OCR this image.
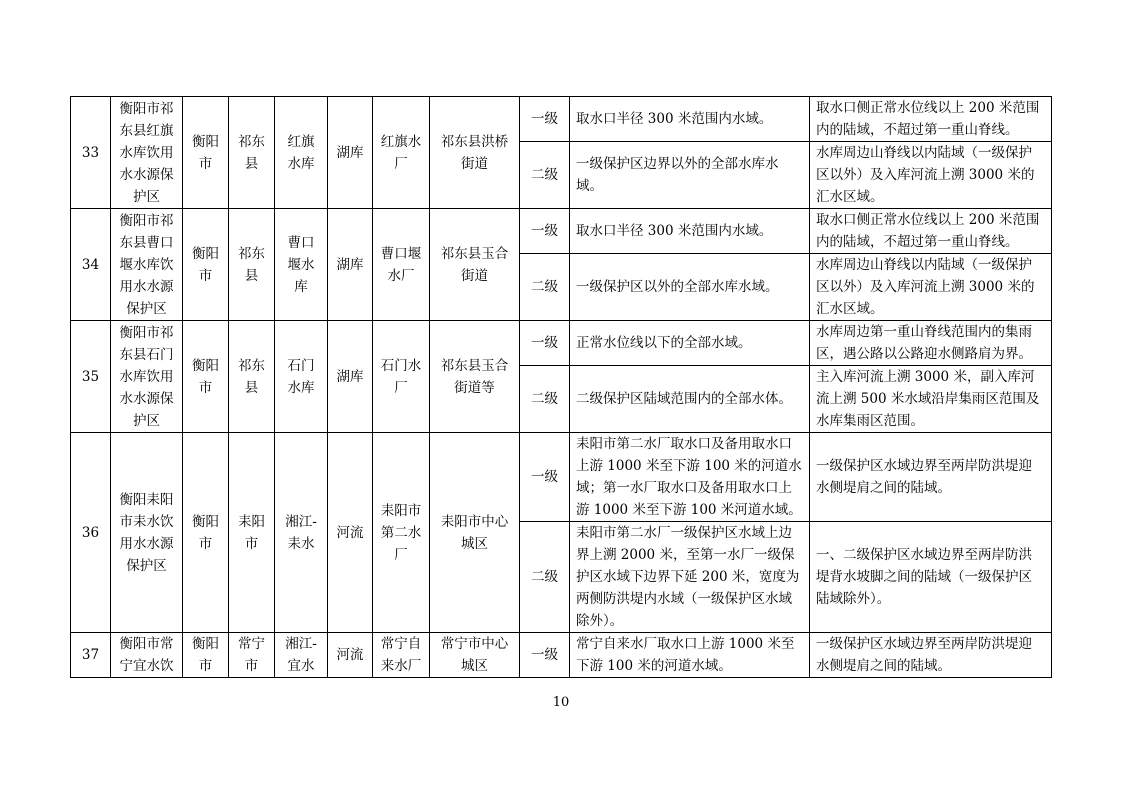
33	衡阳市祁东县红旗水库饮用水水源保护区	衡阳市	祁东县	红旗水库	湖库	红旗水厂	祁东县洪桥街道	一级	取水口半径 300 米范围内水域。	取水口侧正常水位线以上 200 米范围内的陆域，不超过第一重山脊线。
								二级	一级保护区边界以外的全部水库水域。	水库周边山脊线以内陆域（一级保护区以外）及入库河流上溯 3000 米的汇水区域。
34	衡阳市祁东县曹口堰水库饮用水水源保护区	衡阳市	祁东县	曹口堰水库	湖库	曹口堰水厂	祁东县玉合街道	一级	取水口半径 300 米范围内水域。	取水口侧正常水位线以上 200 米范围内的陆域，不超过第一重山脊线。
								二级	一级保护区以外的全部水库水域。	水库周边山脊线以内陆域（一级保护区以外）及入库河流上溯 3000 米的汇水区域。
35	衡阳市祁东县石门水库饮用水水源保护区	衡阳市	祁东县	石门水库	湖库	石门水厂	祁东县玉合街道等	一级	正常水位线以下的全部水域。	水库周边第一重山脊线范围内的集雨区，遇公路以公路迎水侧路肩为界。
								二级	二级保护区陆域范围内的全部水体。	主入库河流上溯 3000 米，副入库河流上溯 500 米水域沿岸集雨区范围及水库集雨区范围。
36	衡阳耒阳市耒水饮用水水源保护区	衡阳市	耒阳市	湘江-耒水	河流	耒阳市第二水厂	耒阳市中心城区	一级	耒阳市第二水厂取水口及备用取水口上游 1000 米至下游 100 米的河道水域；第一水厂取水口及备用取水口上游 1000 米至下游 100 米河道水域。	一级保护区水域边界至两岸防洪堤迎水侧堤肩之间的陆域。
								二级	耒阳市第二水厂一级保护区水域上边界上溯 2000 米，至第一水厂一级保护区水域下边界下延 200 米，宽度为两侧防洪堤内水域（一级保护区水域除外）。	一、二级保护区水域边界至两岸防洪堤背水坡脚之间的陆域（一级保护区陆域除外）。
37	衡阳市常宁宜水饮	衡阳市	常宁市	湘江-宜水	河流	常宁自来水厂	常宁市中心城区	一级	常宁自来水厂取水口上游 1000 米至下游 100 米的河道水域。	一级保护区水域边界至两岸防洪堤迎水侧堤肩之间的陆域。
10
